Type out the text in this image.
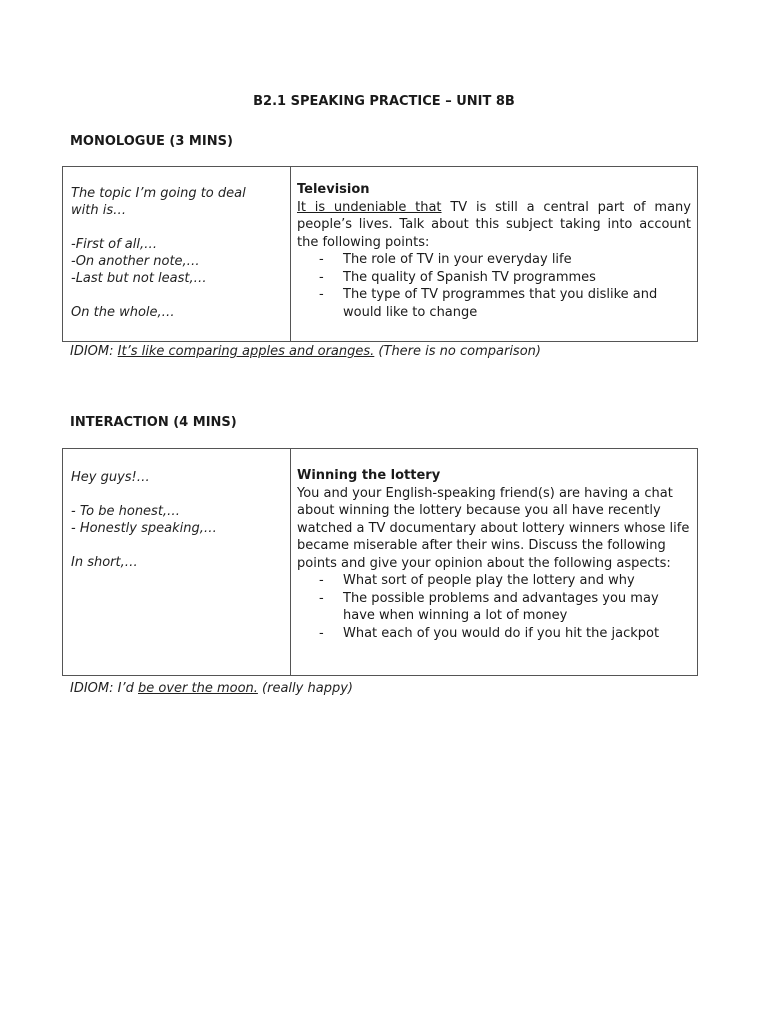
B2.1 SPEAKING PRACTICE – UNIT 8B
MONOLOGUE (3 MINS)
The topic I’m going to deal
with is…
-First of all,…
-On another note,…
-Last but not least,…
On the whole,…
Television
It is undeniable that TV is still a central part of many people’s lives. Talk about this subject taking into account the following points:
- The role of TV in your everyday life
- The quality of Spanish TV programmes
- The type of TV programmes that you dislike and would like to change
IDIOM: It’s like comparing apples and oranges. (There is no comparison)
INTERACTION (4 MINS)
Hey guys!…
- To be honest,…
- Honestly speaking,…
In short,…
Winning the lottery
You and your English-speaking friend(s) are having a chat about winning the lottery because you all have recently watched a TV documentary about lottery winners whose life became miserable after their wins. Discuss the following points and give your opinion about the following aspects:
- What sort of people play the lottery and why
- The possible problems and advantages you may have when winning a lot of money
- What each of you would do if you hit the jackpot
IDIOM: I’d be over the moon. (really happy)
